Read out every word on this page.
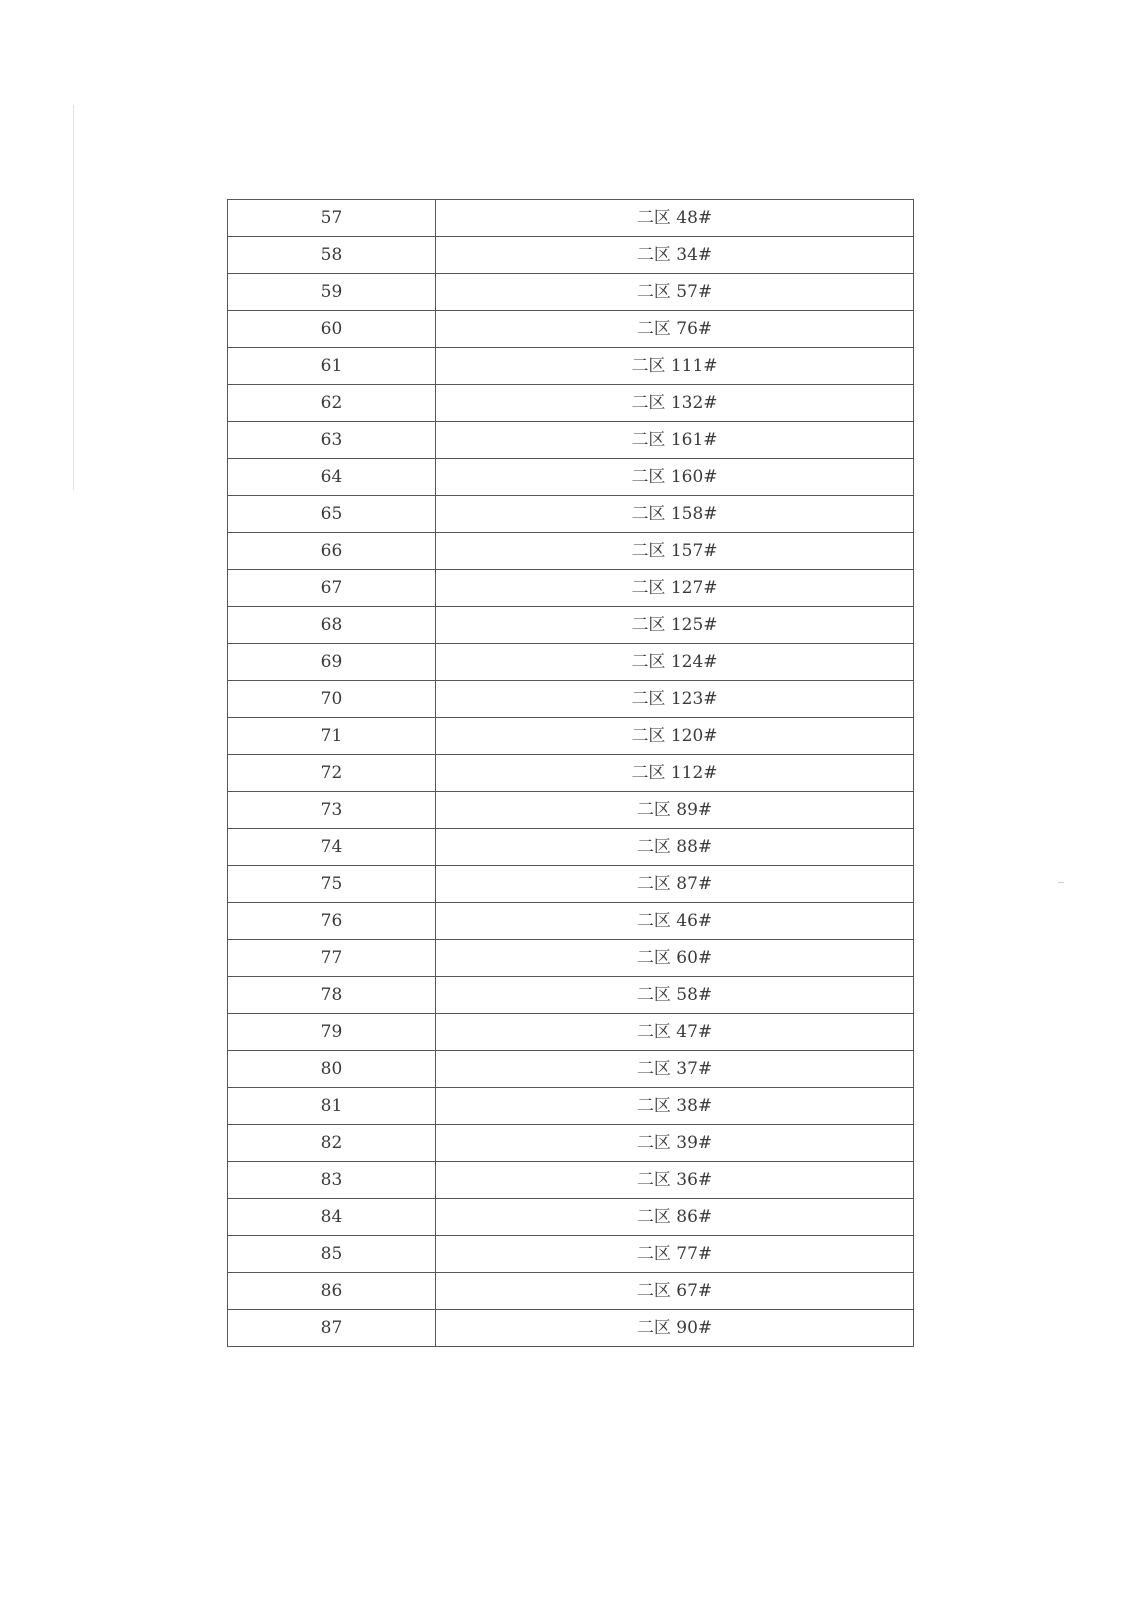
57	二区 48#
58	二区 34#
59	二区 57#
60	二区 76#
61	二区 111#
62	二区 132#
63	二区 161#
64	二区 160#
65	二区 158#
66	二区 157#
67	二区 127#
68	二区 125#
69	二区 124#
70	二区 123#
71	二区 120#
72	二区 112#
73	二区 89#
74	二区 88#
75	二区 87#
76	二区 46#
77	二区 60#
78	二区 58#
79	二区 47#
80	二区 37#
81	二区 38#
82	二区 39#
83	二区 36#
84	二区 86#
85	二区 77#
86	二区 67#
87	二区 90#
